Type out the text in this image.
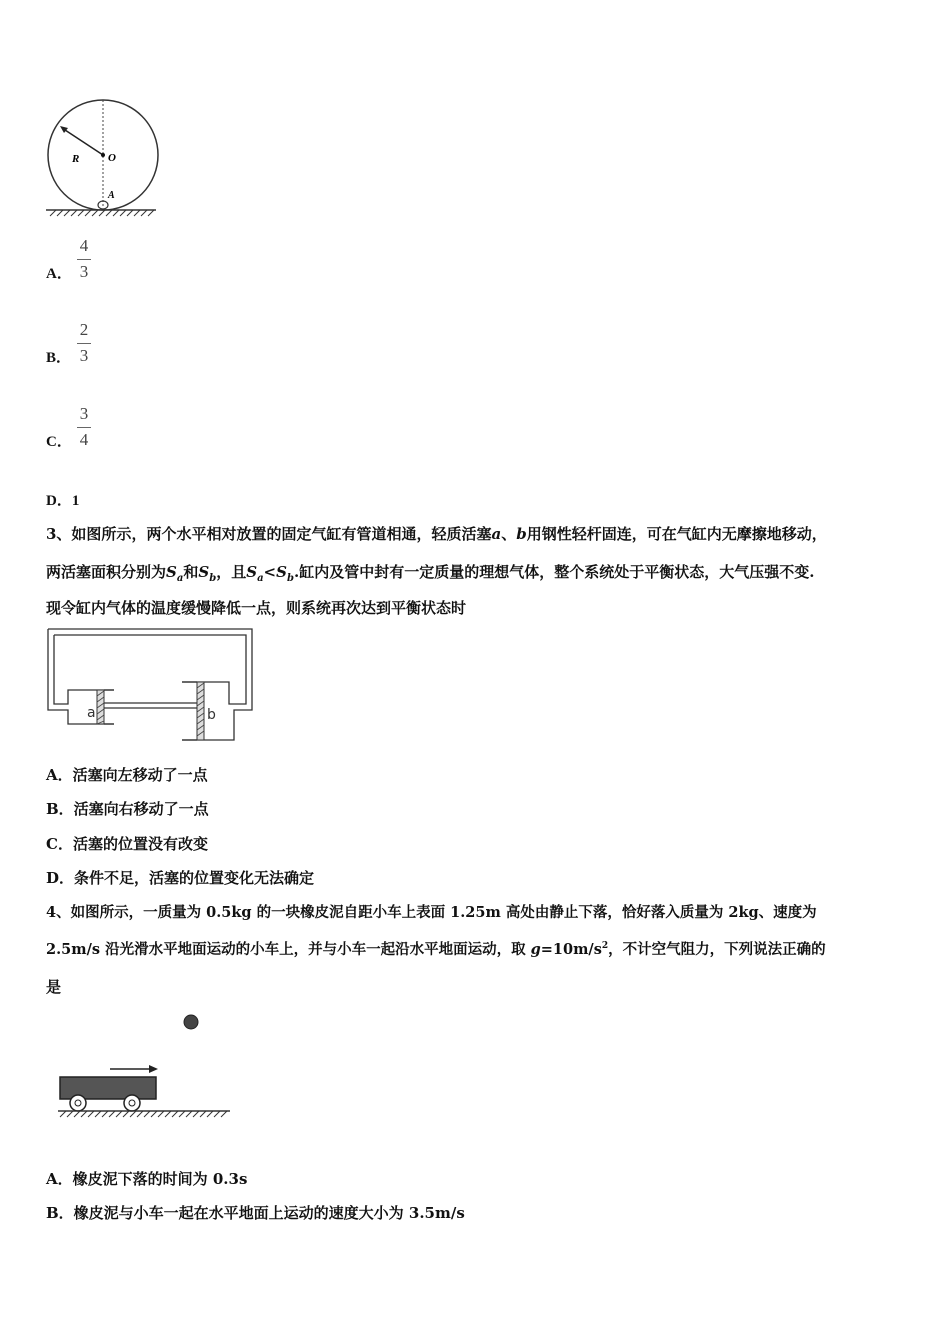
R	O
A
A．
4
3
B．
2
3
C．
3
4
D．1
3、如图所示，两个水平相对放置的固定气缸有管道相通，轻质活塞a、b用钢性轻杆固连，可在气缸内无摩擦地移动，
两活塞面积分别为$S_a$和$S_b$，且$S_a<S_b$.缸内及管中封有一定质量的理想气体，整个系统处于平衡状态，大气压强不变.
现令缸内气体的温度缓慢降低一点，则系统再次达到平衡状态时
a	b
A．活塞向左移动了一点
B．活塞向右移动了一点
C．活塞的位置没有改变
D．条件不足，活塞的位置变化无法确定
4、如图所示，一质量为 0.5kg 的一块橡皮泥自距小车上表面 1.25m 高处由静止下落，恰好落入质量为 2kg、速度为
2.5m/s 沿光滑水平地面运动的小车上，并与小车一起沿水平地面运动，取 $g=10m/s^2$，不计空气阻力，下列说法正确的
是
A．橡皮泥下落的时间为 0.3s
B．橡皮泥与小车一起在水平地面上运动的速度大小为 3.5m/s
